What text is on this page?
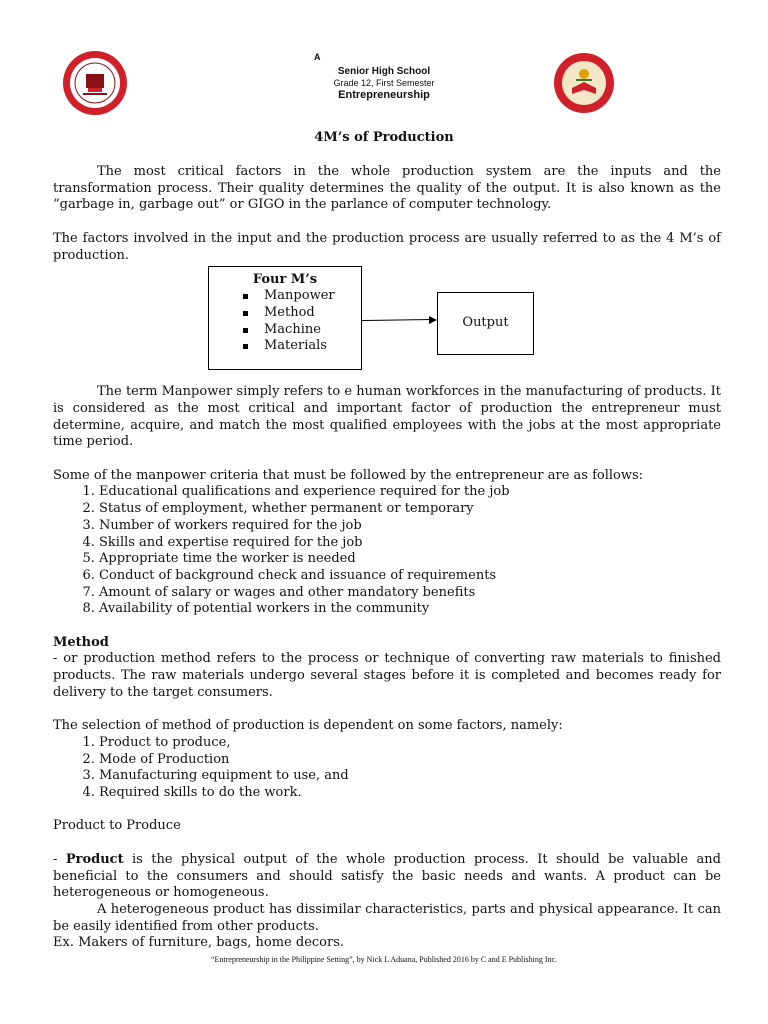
A
Senior High School
Grade 12, First Semester
Entrepreneurship
4M’s of Production

The most critical factors in the whole production system are the inputs and the transformation process. Their quality determines the quality of the output. It is also known as the “garbage in, garbage out” or GIGO in the parlance of computer technology.

The factors involved in the input and the production process are usually referred to as the 4 M’s of production.

Four M’s
Manpower
Method
Machine
Materials
Output

The term Manpower simply refers to e human workforces in the manufacturing of products. It is considered as the most critical and important factor of production the entrepreneur must determine, acquire, and match the most qualified employees with the jobs at the most appropriate time period.

Some of the manpower criteria that must be followed by the entrepreneur are as follows:

1. Educational qualifications and experience required for the job
2. Status of employment, whether permanent or temporary
3. Number of workers required for the job
4. Skills and expertise required for the job
5. Appropriate time the worker is needed
6. Conduct of background check and issuance of requirements
7. Amount of salary or wages and other mandatory benefits
8. Availability of potential workers in the community

Method

- or production method refers to the process or technique of converting raw materials to finished products. The raw materials undergo several stages before it is completed and becomes ready for delivery to the target consumers.

The selection of method of production is dependent on some factors, namely:

1. Product to produce,
2. Mode of Production
3. Manufacturing equipment to use, and
4. Required skills to do the work.

Product to Produce

- Product is the physical output of the whole production process. It should be valuable and beneficial to the consumers and should satisfy the basic needs and wants. A product can be heterogeneous or homogeneous.

A heterogeneous product has dissimilar characteristics, parts and physical appearance. It can be easily identified from other products.

Ex. Makers of furniture, bags, home decors.

“Entrepreneurship in the Philippine Setting”, by Nick L Aduana, Published 2016 by C and E Publishing Inc.
